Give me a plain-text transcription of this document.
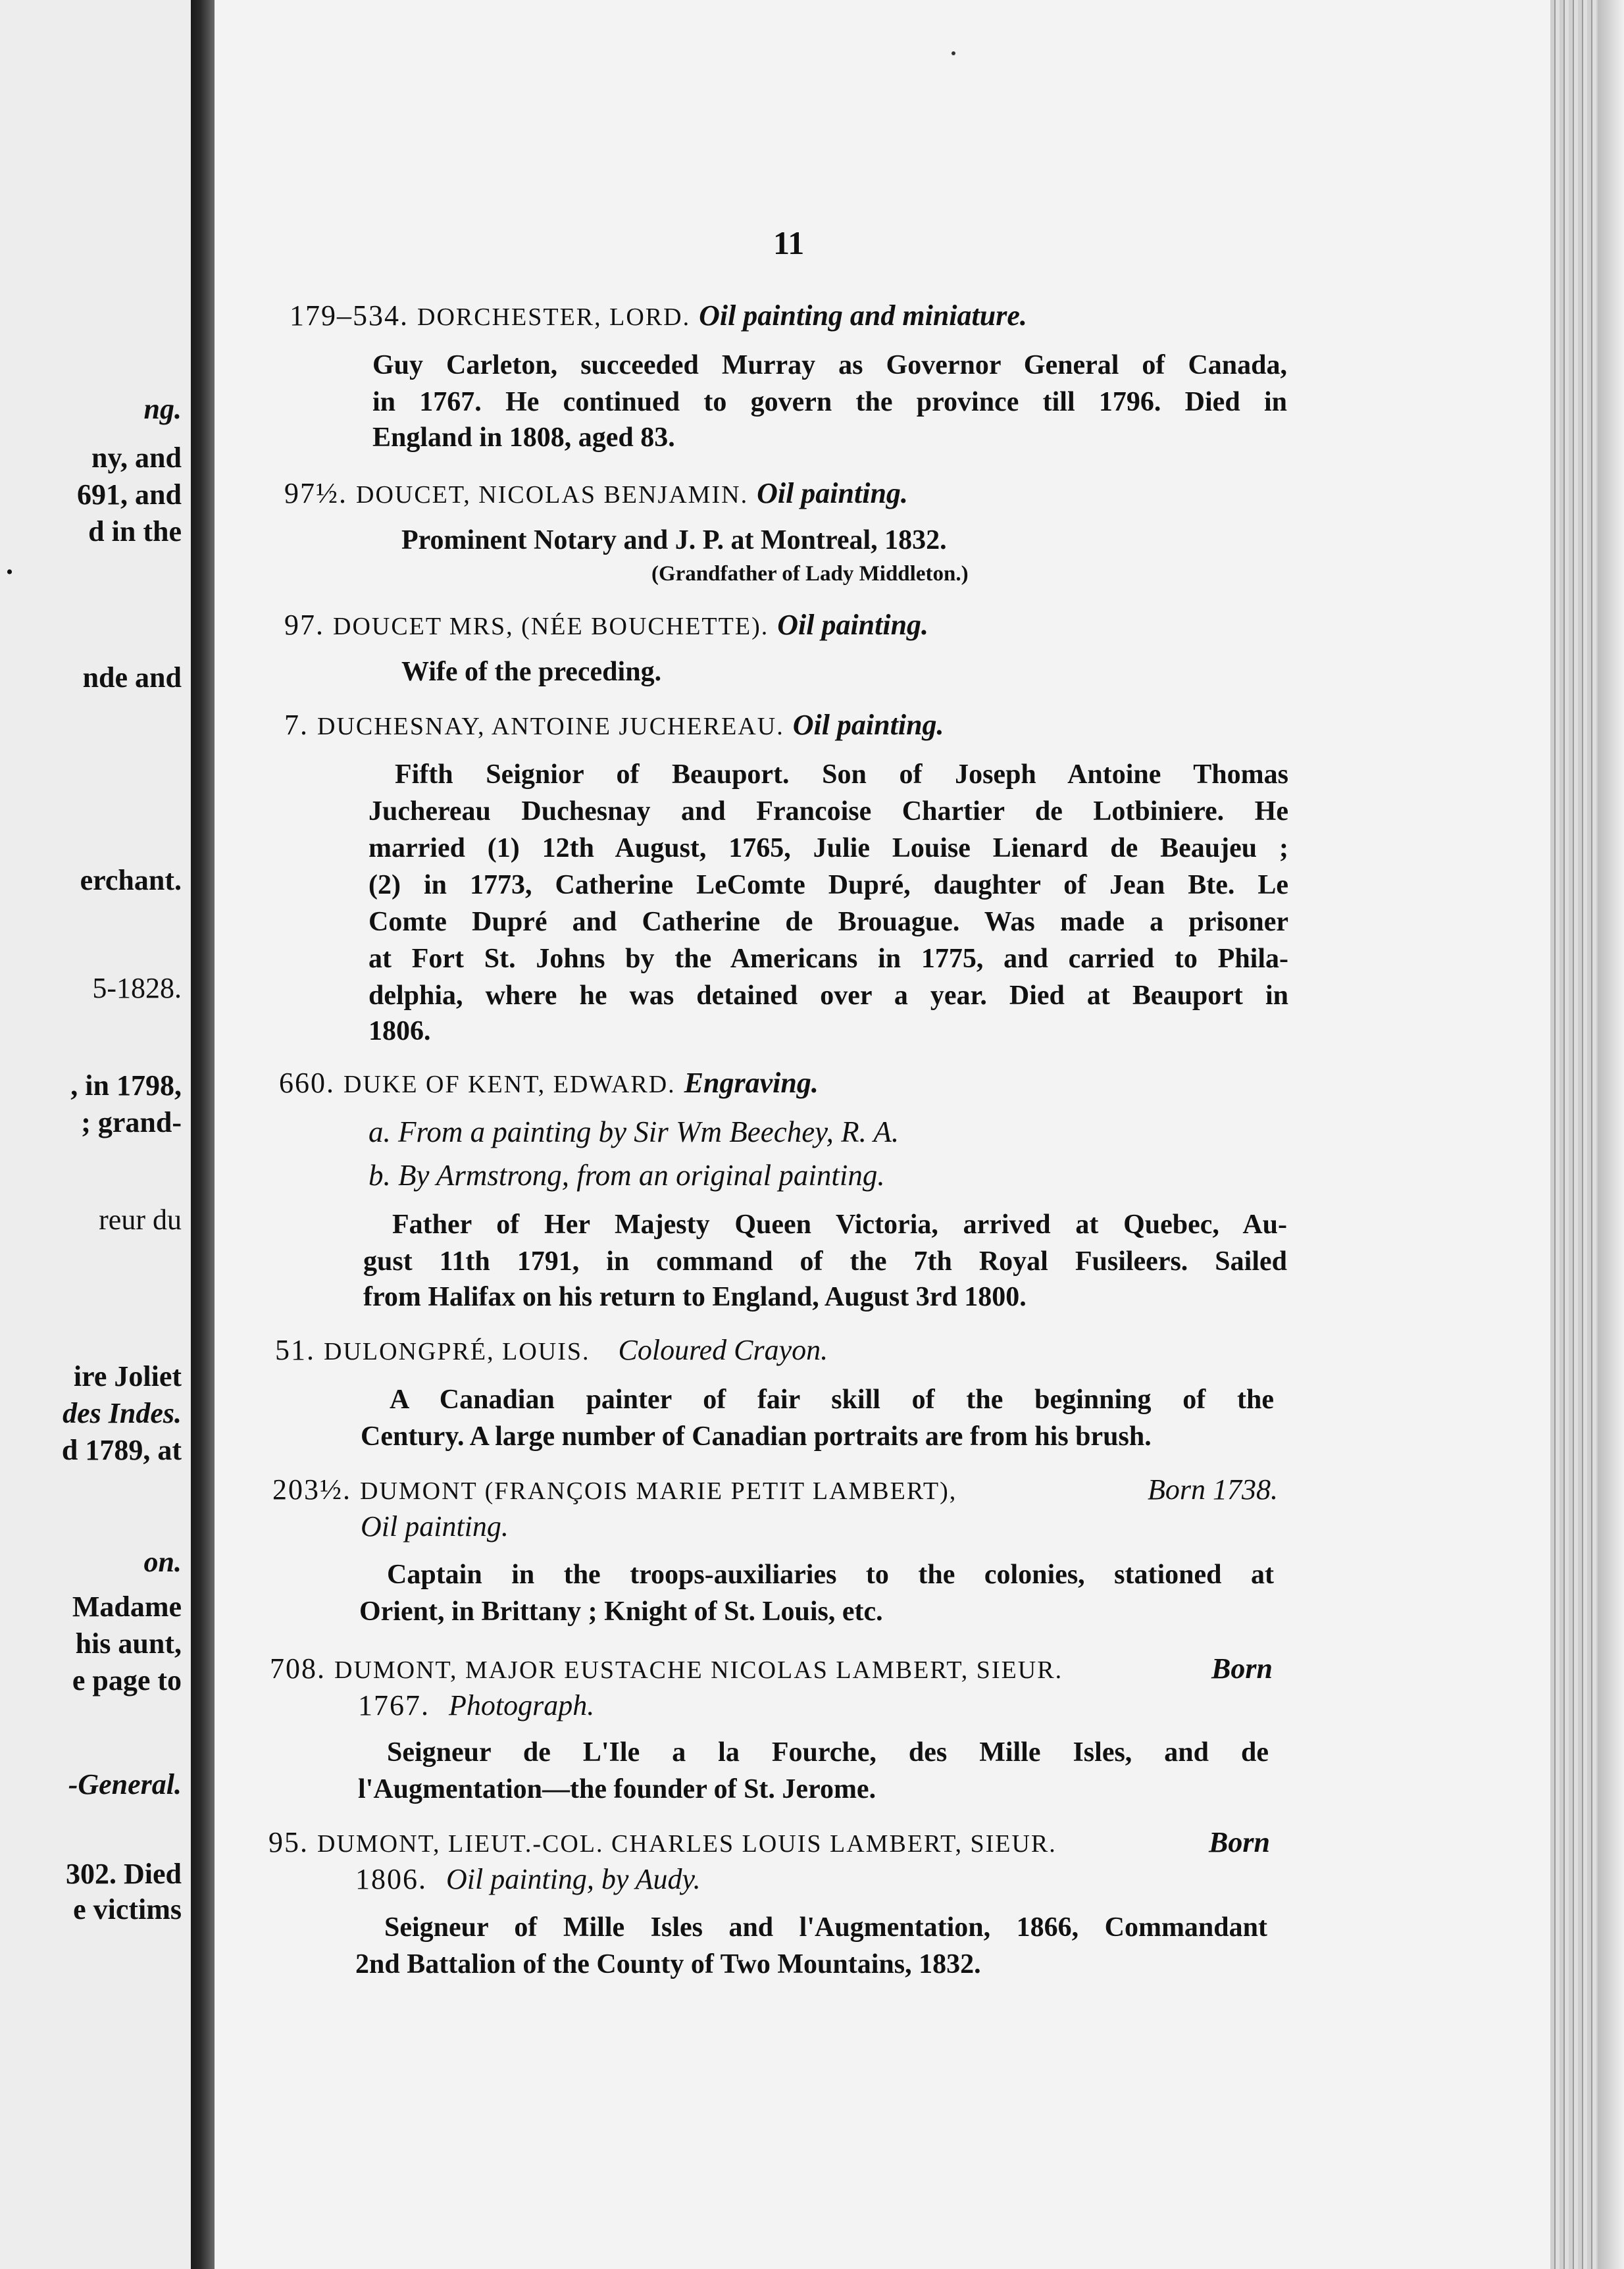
ng.
ny, and
691, and
d in the
.
nde and
erchant.
5-1828.
, in 1798,
; grand-
reur du
ire Joliet
des Indes.
d 1789, at
on.
Madame
his aunt,
e page to
-General.
302. Died
e victims
11
179–534. DORCHESTER, LORD. Oil painting and miniature.
Guy Carleton, succeeded Murray as Governor General of Canada,
in 1767. He continued to govern the province till 1796. Died in
England in 1808, aged 83.
97½. DOUCET, NICOLAS BENJAMIN. Oil painting.
Prominent Notary and J. P. at Montreal, 1832.
(Grandfather of Lady Middleton.)
97. DOUCET MRS, (NÉE BOUCHETTE). Oil painting.
Wife of the preceding.
7. DUCHESNAY, ANTOINE JUCHEREAU. Oil painting.
Fifth Seignior of Beauport. Son of Joseph Antoine Thomas
Juchereau Duchesnay and Francoise Chartier de Lotbiniere. He
married (1) 12th August, 1765, Julie Louise Lienard de Beaujeu ;
(2) in 1773, Catherine LeComte Dupré, daughter of Jean Bte. Le
Comte Dupré and Catherine de Brouague. Was made a prisoner
at Fort St. Johns by the Americans in 1775, and carried to Phila-
delphia, where he was detained over a year. Died at Beauport in
1806.
660. DUKE OF KENT, EDWARD. Engraving.
a. From a painting by Sir Wm Beechey, R. A.
b. By Armstrong, from an original painting.
Father of Her Majesty Queen Victoria, arrived at Quebec, Au-
gust 11th 1791, in command of the 7th Royal Fusileers. Sailed
from Halifax on his return to England, August 3rd 1800.
51. DULONGPRÉ, LOUIS. Coloured Crayon.
A Canadian painter of fair skill of the beginning of the
Century. A large number of Canadian portraits are from his brush.
203½. DUMONT (FRANÇOIS MARIE PETIT LAMBERT),	Born 1738.
Oil painting.
Captain in the troops-auxiliaries to the colonies, stationed at
Orient, in Brittany ; Knight of St. Louis, etc.
708. DUMONT, MAJOR EUSTACHE NICOLAS LAMBERT, SIEUR.	Born
1767. Photograph.
Seigneur de L'Ile a la Fourche, des Mille Isles, and de
l'Augmentation—the founder of St. Jerome.
95. DUMONT, LIEUT.-COL. CHARLES LOUIS LAMBERT, SIEUR.	Born
1806. Oil painting, by Audy.
Seigneur of Mille Isles and l'Augmentation, 1866, Commandant
2nd Battalion of the County of Two Mountains, 1832.
